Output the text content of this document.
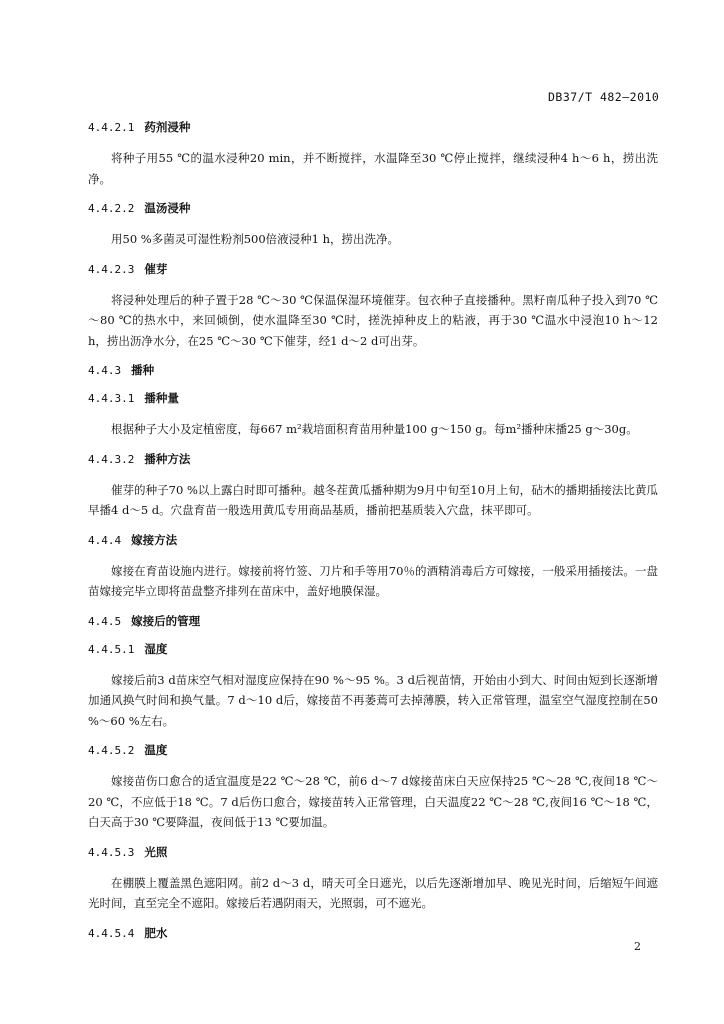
DB37/T 482—2010
4.4.2.1 药剂浸种

将种子用55 ℃的温水浸种20 min，并不断搅拌，水温降至30 ℃停止搅拌，继续浸种4 h～6 h，捞出洗净。

4.4.2.2 温汤浸种

用50 %多菌灵可湿性粉剂500倍液浸种1 h，捞出洗净。

4.4.2.3 催芽

将浸种处理后的种子置于28 ℃～30 ℃保温保湿环境催芽。包衣种子直接播种。黑籽南瓜种子投入到70 ℃～80 ℃的热水中，来回倾倒，使水温降至30 ℃时，搓洗掉种皮上的粘液，再于30 ℃温水中浸泡10 h～12 h，捞出沥净水分，在25 ℃～30 ℃下催芽，经1 d～2 d可出芽。

4.4.3 播种
4.4.3.1 播种量

根据种子大小及定植密度，每667 m²栽培面积育苗用种量100 g～150 g。每m²播种床播25 g～30g。

4.4.3.2 播种方法

催芽的种子70 %以上露白时即可播种。越冬茬黄瓜播种期为9月中旬至10月上旬，砧木的播期插接法比黄瓜早播4 d～5 d。穴盘育苗一般选用黄瓜专用商品基质，播前把基质装入穴盘，抹平即可。

4.4.4 嫁接方法

嫁接在育苗设施内进行。嫁接前将竹签、刀片和手等用70％的酒精消毒后方可嫁接，一般采用插接法。一盘苗嫁接完毕立即将苗盘整齐排列在苗床中，盖好地膜保湿。

4.4.5 嫁接后的管理
4.4.5.1 湿度

嫁接后前3 d苗床空气相对湿度应保持在90 %～95 %。3 d后视苗情，开始由小到大、时间由短到长逐渐增加通风换气时间和换气量。7 d～10 d后，嫁接苗不再萎蔫可去掉薄膜，转入正常管理，温室空气湿度控制在50 %～60 %左右。

4.4.5.2 温度

嫁接苗伤口愈合的适宜温度是22 ℃～28 ℃，前6 d～7 d嫁接苗床白天应保持25 ℃～28 ℃,夜间18 ℃～20 ℃，不应低于18 ℃。7 d后伤口愈合，嫁接苗转入正常管理，白天温度22 ℃～28 ℃,夜间16 ℃～18 ℃，白天高于30 ℃要降温，夜间低于13 ℃要加温。

4.4.5.3 光照

在棚膜上覆盖黑色遮阳网。前2 d～3 d，晴天可全日遮光，以后先逐渐增加早、晚见光时间，后缩短午间遮光时间，直至完全不遮阳。嫁接后若遇阴雨天，光照弱，可不遮光。

4.4.5.4 肥水
2
